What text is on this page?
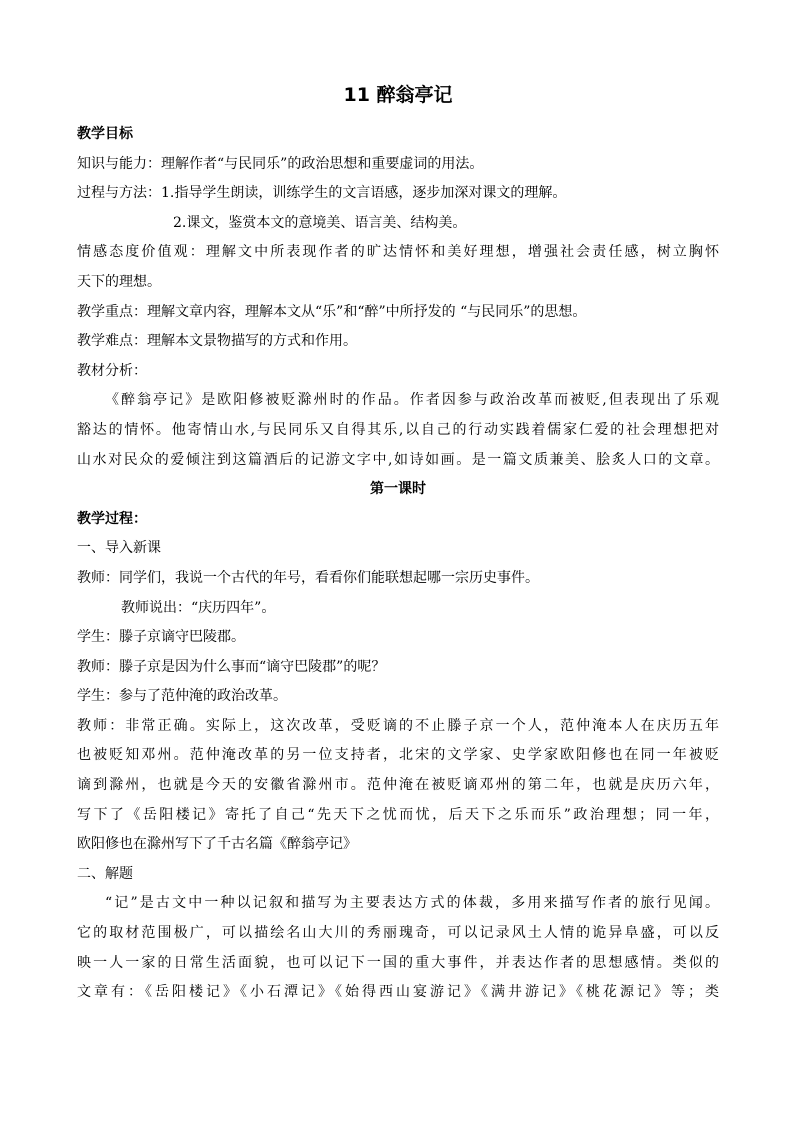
11 醉翁亭记
教学目标
知识与能力：理解作者“与民同乐”的政治思想和重要虚词的用法。
过程与方法：1.指导学生朗读，训练学生的文言语感，逐步加深对课文的理解。
2.课文，鉴赏本文的意境美、语言美、结构美。
情感态度价值观：理解文中所表现作者的旷达情怀和美好理想，增强社会责任感，树立胸怀
天下的理想。
教学重点：理解文章内容，理解本文从“乐”和“醉”中所抒发的 “与民同乐”的思想。
教学难点：理解本文景物描写的方式和作用。
教材分析：
《醉翁亭记》是欧阳修被贬滁州时的作品。作者因参与政治改革而被贬,但表现出了乐观
豁达的情怀。他寄情山水,与民同乐又自得其乐,以自己的行动实践着儒家仁爱的社会理想把对
山水对民众的爱倾注到这篇酒后的记游文字中,如诗如画。是一篇文质兼美、脍炙人口的文章。
第一课时
教学过程：
一、导入新课
教师：同学们，我说一个古代的年号，看看你们能联想起哪一宗历史事件。
教师说出：“庆历四年”。
学生：滕子京谪守巴陵郡。
教师：滕子京是因为什么事而“谪守巴陵郡”的呢？
学生：参与了范仲淹的政治改革。
教师：非常正确。实际上，这次改革，受贬谪的不止滕子京一个人，范仲淹本人在庆历五年
也被贬知邓州。范仲淹改革的另一位支持者，北宋的文学家、史学家欧阳修也在同一年被贬
谪到滁州，也就是今天的安徽省滁州市。范仲淹在被贬谪邓州的第二年，也就是庆历六年，
写下了《岳阳楼记》寄托了自己“先天下之忧而忧，后天下之乐而乐”政治理想；同一年，
欧阳修也在滁州写下了千古名篇《醉翁亭记》
二、解题
“记”是古文中一种以记叙和描写为主要表达方式的体裁，多用来描写作者的旅行见闻。
它的取材范围极广，可以描绘名山大川的秀丽瑰奇，可以记录风土人情的诡异阜盛，可以反
映一人一家的日常生活面貌，也可以记下一国的重大事件，并表达作者的思想感情。类似的
文章有：《岳阳楼记》《小石潭记》《始得西山宴游记》《满井游记》《桃花源记》等；类
